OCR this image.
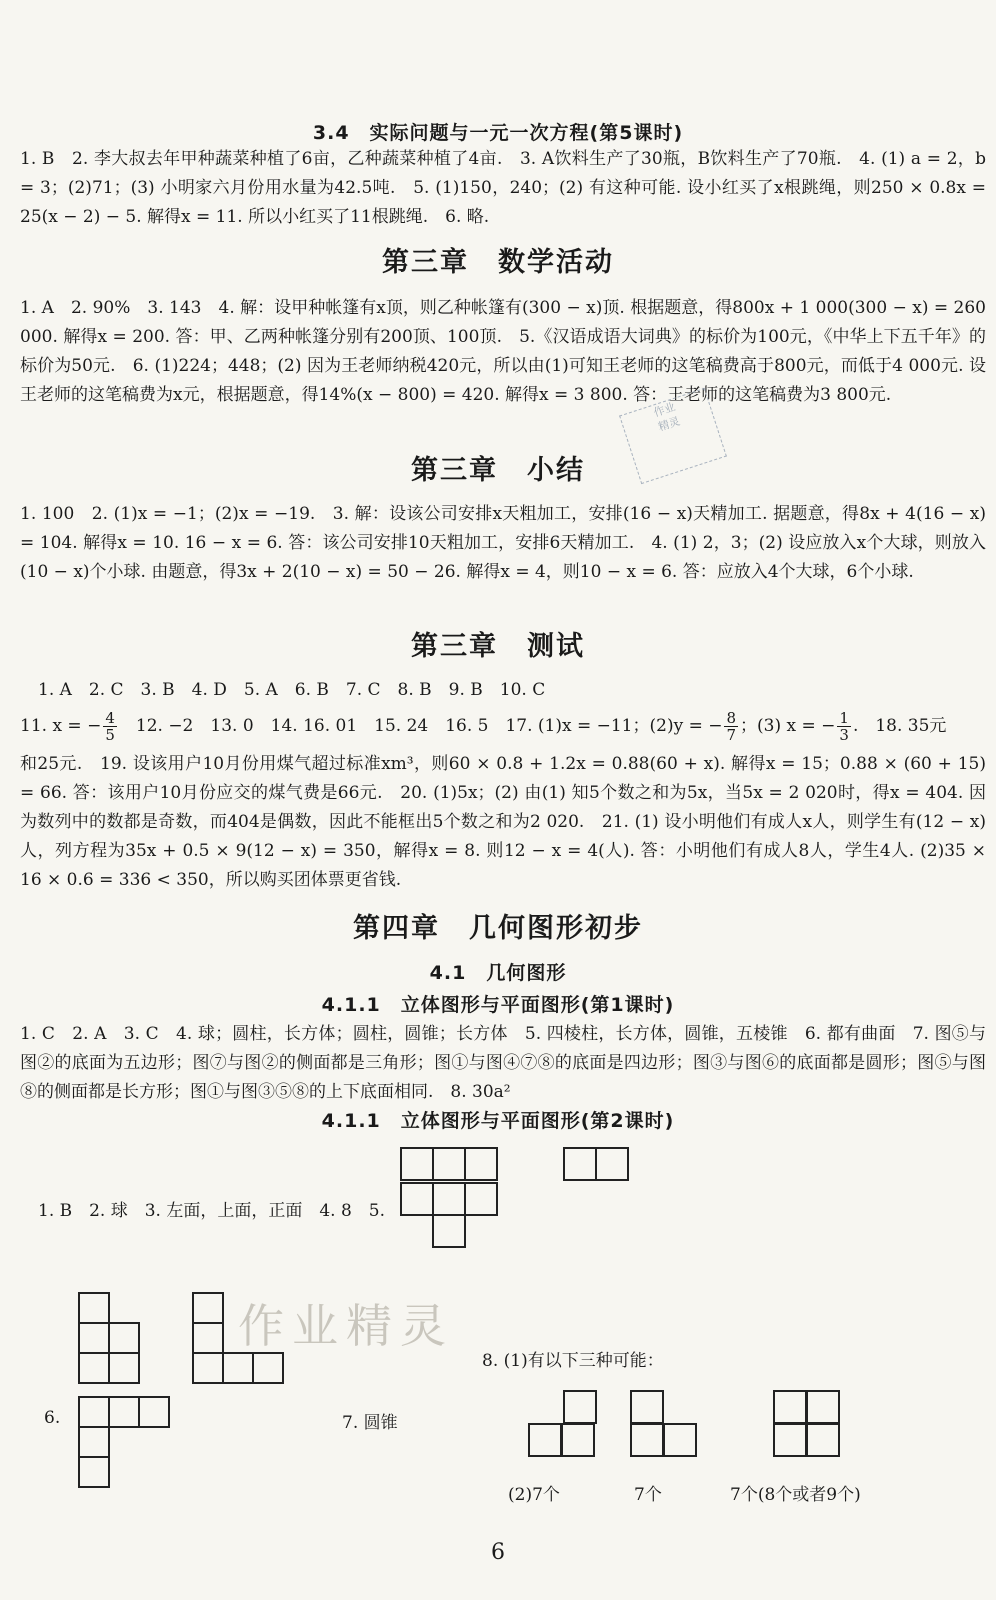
3.4　实际问题与一元一次方程(第5课时)
1. B　2. 李大叔去年甲种蔬菜种植了6亩，乙种蔬菜种植了4亩.　3. A饮料生产了30瓶，B饮料生产了70瓶.　4. (1) a = 2，b = 3；(2)71；(3) 小明家六月份用水量为42.5吨.　5. (1)150，240；(2) 有这种可能. 设小红买了x根跳绳，则250 × 0.8x = 25(x − 2) − 5. 解得x = 11. 所以小红买了11根跳绳.　6. 略.
第三章　数学活动
1. A　2. 90%　3. 143　4. 解：设甲种帐篷有x顶，则乙种帐篷有(300 − x)顶. 根据题意，得800x + 1 000(300 − x) = 260 000. 解得x = 200. 答：甲、乙两种帐篷分别有200顶、100顶.　5.《汉语成语大词典》的标价为100元，《中华上下五千年》的标价为50元.　6. (1)224；448；(2) 因为王老师纳税420元，所以由(1)可知王老师的这笔稿费高于800元，而低于4 000元. 设王老师的这笔稿费为x元，根据题意，得14%(x − 800) = 420. 解得x = 3 800. 答：王老师的这笔稿费为3 800元.
作业
精灵
第三章　小结
1. 100　2. (1)x = −1；(2)x = −19.　3. 解：设该公司安排x天粗加工，安排(16 − x)天精加工. 据题意，得8x + 4(16 − x) = 104. 解得x = 10. 16 − x = 6. 答：该公司安排10天粗加工，安排6天精加工.　4. (1) 2，3；(2) 设应放入x个大球，则放入(10 − x)个小球. 由题意，得3x + 2(10 − x) = 50 − 26. 解得x = 4，则10 − x = 6. 答：应放入4个大球，6个小球.
第三章　测试
1. A　2. C　3. B　4. D　5. A　6. B　7. C　8. B　9. B　10. C
11. x = − $\frac{4}{5}$ 　12. −2　13. 0　14. 16. 01　15. 24　16. 5　17. (1)x = −11；(2)y = − $\frac{8}{7}$ ；(3) x = − $\frac{1}{3}$ .　18. 35元
和25元.　19. 设该用户10月份用煤气超过标准xm³，则60 × 0.8 + 1.2x = 0.88(60 + x). 解得x = 15；0.88 × (60 + 15) = 66. 答：该用户10月份应交的煤气费是66元.　20. (1)5x；(2) 由(1) 知5个数之和为5x，当5x = 2 020时，得x = 404. 因为数列中的数都是奇数，而404是偶数，因此不能框出5个数之和为2 020.　21. (1) 设小明他们有成人x人，则学生有(12 − x)人，列方程为35x + 0.5 × 9(12 − x) = 350，解得x = 8. 则12 − x = 4(人). 答：小明他们有成人8人，学生4人. (2)35 × 16 × 0.6 = 336 < 350，所以购买团体票更省钱.
第四章　几何图形初步
4.1　几何图形
4.1.1　立体图形与平面图形(第1课时)
1. C　2. A　3. C　4. 球；圆柱，长方体；圆柱，圆锥；长方体　5. 四棱柱，长方体，圆锥，五棱锥　6. 都有曲面　7. 图⑤与图②的底面为五边形；图⑦与图②的侧面都是三角形；图①与图④⑦⑧的底面是四边形；图③与图⑥的底面都是圆形；图⑤与图⑧的侧面都是长方形；图①与图③⑤⑧的上下底面相同.　8. 30a²
4.1.1　立体图形与平面图形(第2课时)
作业精灵
1. B　2. 球　3. 左面，上面，正面　4. 8　5.
6.	7. 圆锥
8. (1)有以下三种可能：
(2)7个	7个	7个(8个或者9个)
6
